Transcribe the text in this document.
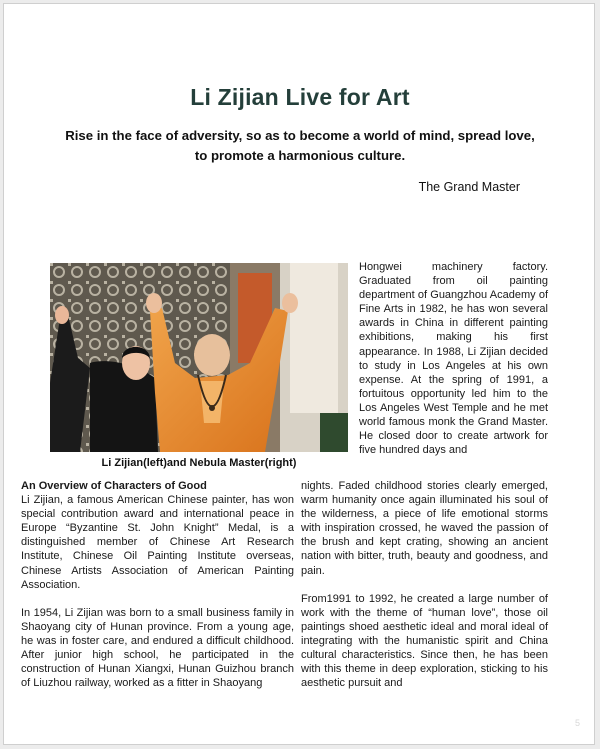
Li Zijian Live for Art
Rise in the face of adversity, so as to become a world of mind, spread love, to promote a harmonious culture.
The Grand Master
Li Zijian(left)and Nebula Master(right)

Hongwei machinery factory. Graduated from oil painting department of Guangzhou Academy of Fine Arts in 1982, he has won several awards in China in different painting exhibitions, making his first appearance. In 1988, Li Zijian decided to study in Los Angeles at his own expense. At the spring of 1991, a fortuitous opportunity led him to the Los Angeles West Temple and he met world famous monk the Grand Master. He closed door to create artwork for five hundred days and

An Overview of Characters of Good

Li Zijian, a famous American Chinese painter, has won special contribution award and international peace in Europe “Byzantine St. John Knight” Medal, is a distinguished member of Chinese Art Research Institute, Chinese Oil Painting Institute overseas, Chinese Artists Association of American Painting Association.

In 1954, Li Zijian was born to a small business family in Shaoyang city of Hunan province. From a young age, he was in foster care, and endured a difficult childhood. After junior high school, he participated in the construction of Hunan Xiangxi, Hunan Guizhou branch of Liuzhou railway, worked as a fitter in Shaoyang

nights. Faded childhood stories clearly emerged, warm humanity once again illuminated his soul of the wilderness, a piece of life emotional storms with inspiration crossed, he waved the passion of the brush and kept crating, showing an ancient nation with bitter, truth, beauty and goodness, and pain.

From1991 to 1992, he created a large number of work with the theme of “human love”, those oil paintings shoed aesthetic ideal and moral ideal of integrating with the humanistic spirit and China cultural characteristics. Since then, he has been with this theme in deep exploration, sticking to his aesthetic pursuit and

5
